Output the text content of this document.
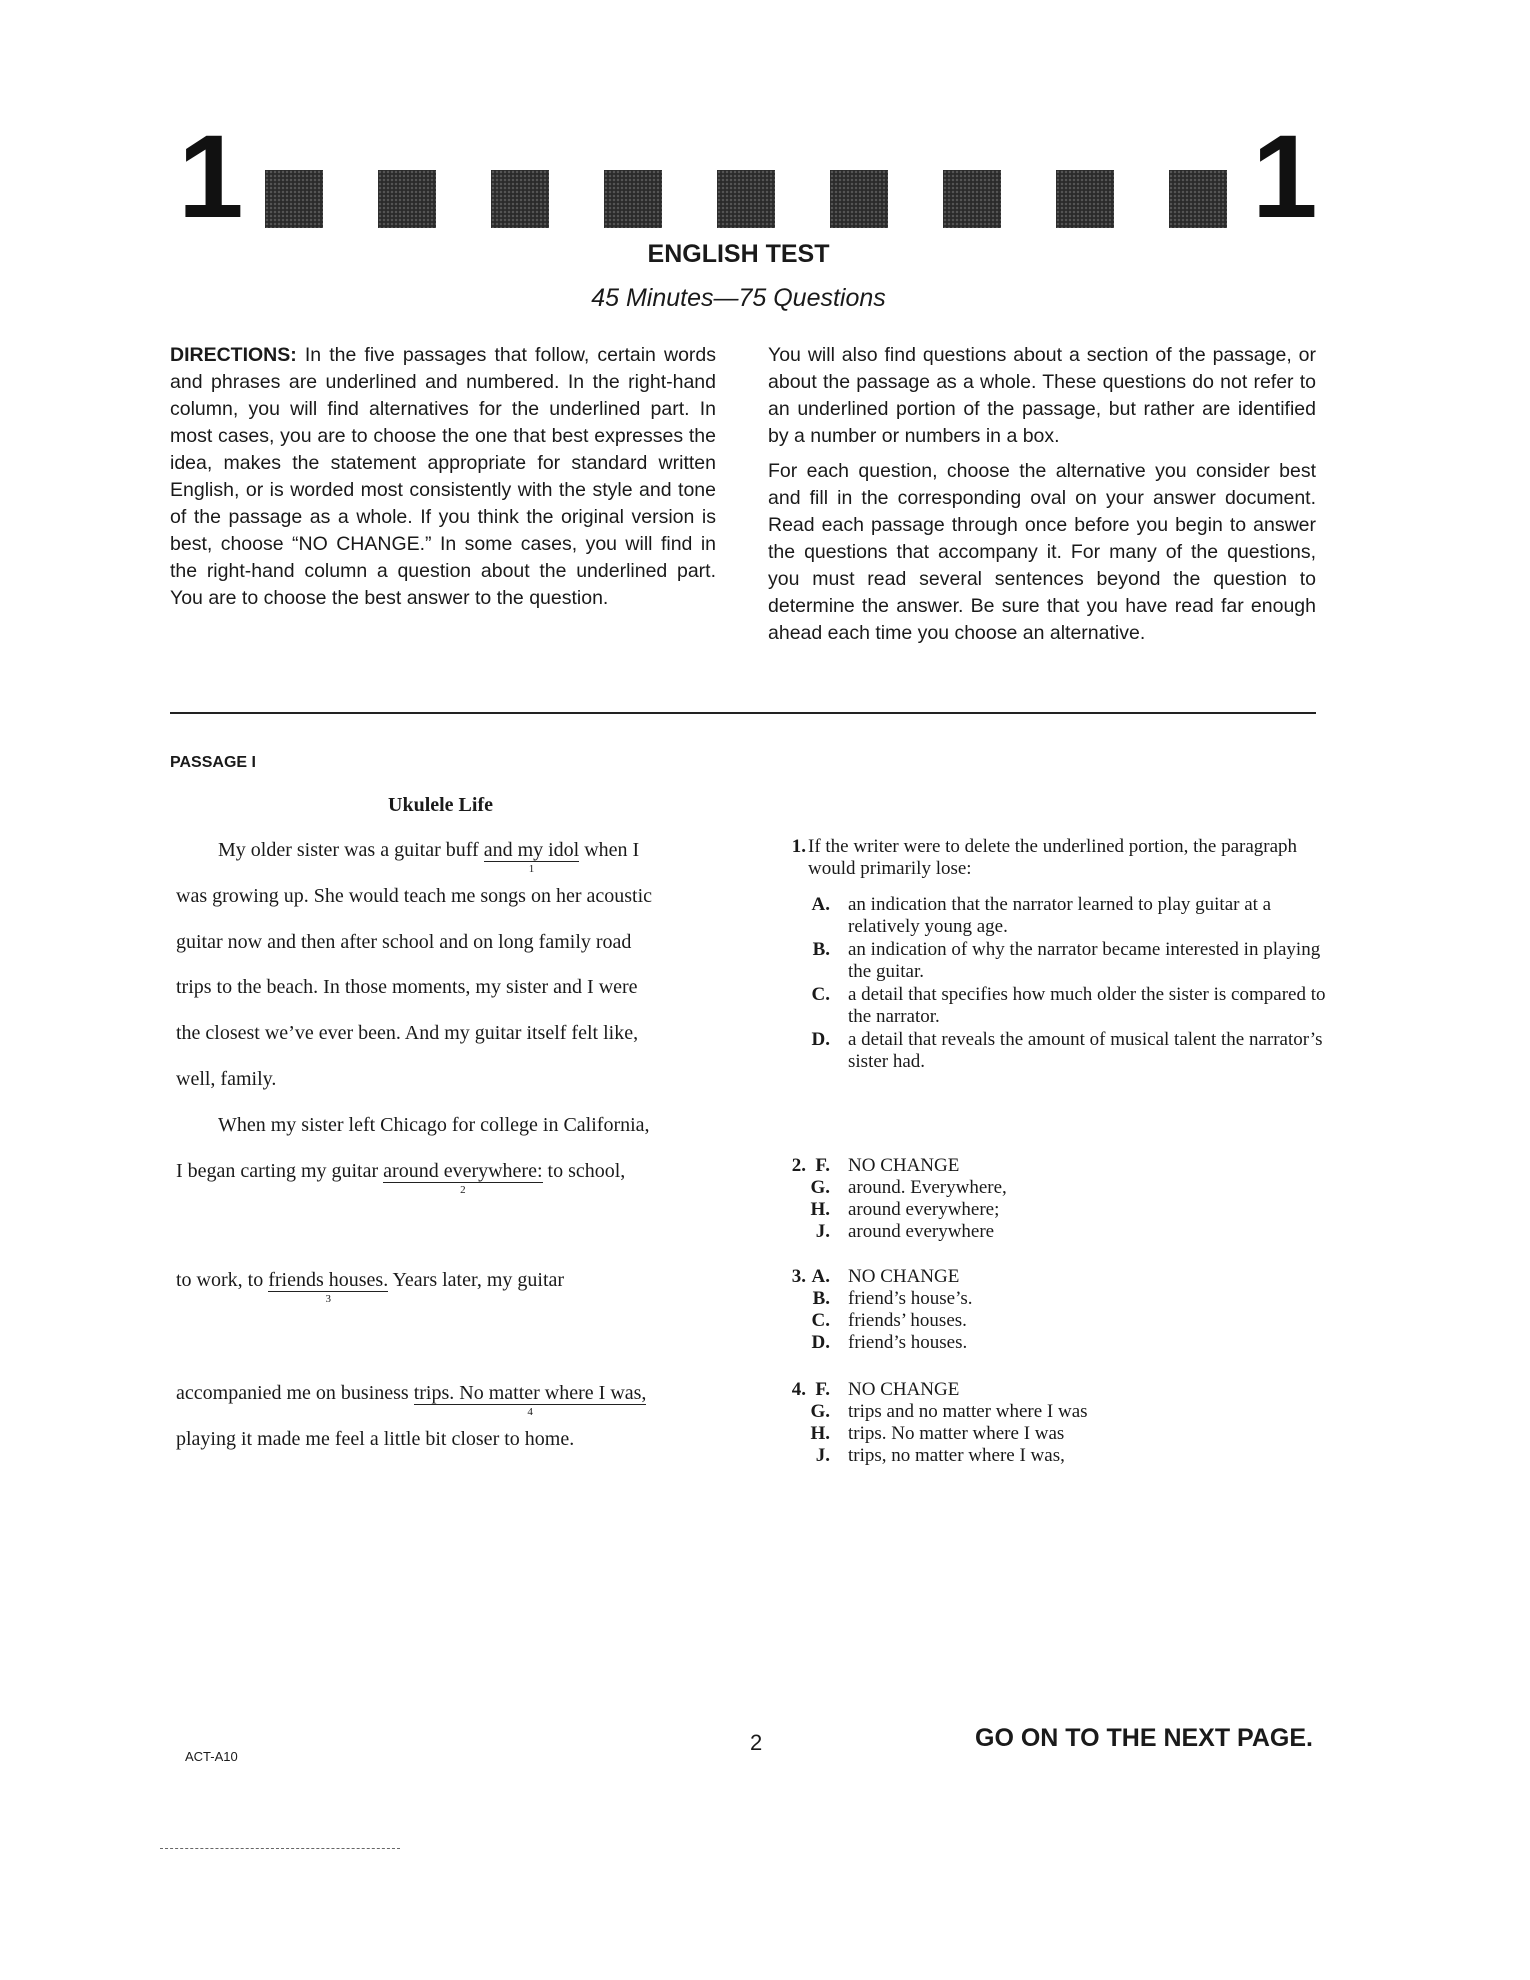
1	1
ENGLISH TEST
45 Minutes—75 Questions

DIRECTIONS: In the five passages that follow, certain words and phrases are underlined and numbered. In the right-hand column, you will find alternatives for the underlined part. In most cases, you are to choose the one that best expresses the idea, makes the statement appropriate for standard written English, or is worded most consistently with the style and tone of the passage as a whole. If you think the original version is best, choose “NO CHANGE.” In some cases, you will find in the right-hand column a question about the underlined part. You are to choose the best answer to the question.

You will also find questions about a section of the passage, or about the passage as a whole. These questions do not refer to an underlined portion of the passage, but rather are identified by a number or numbers in a box.

For each question, choose the alternative you consider best and fill in the corresponding oval on your answer document. Read each passage through once before you begin to answer the questions that accompany it. For many of the questions, you must read several sentences beyond the question to determine the answer. Be sure that you have read far enough ahead each time you choose an alternative.

PASSAGE I
Ukulele Life
My older sister was a guitar buff and my idol
1
when I
was growing up. She would teach me songs on her acoustic
guitar now and then after school and on long family road
trips to the beach. In those moments, my sister and I were
the closest we’ve ever been. And my guitar itself felt like,
well, family.
When my sister left Chicago for college in California,
I began carting my guitar around everywhere:
2
to school,
to work, to friends houses.
3
Years later, my guitar
accompanied me on business trips. No matter where I was,
4
playing it made me feel a little bit closer to home.
1. If the writer were to delete the underlined portion, the paragraph would primarily lose:
A. an indication that the narrator learned to play guitar at a relatively young age.
B. an indication of why the narrator became interested in playing the guitar.
C. a detail that specifies how much older the sister is compared to the narrator.
D. a detail that reveals the amount of musical talent the narrator’s sister had.
2. F. NO CHANGE
G. around. Everywhere,
H. around everywhere;
J. around everywhere
3. A. NO CHANGE
B. friend’s house’s.
C. friends’ houses.
D. friend’s houses.
4. F. NO CHANGE
G. trips and no matter where I was
H. trips. No matter where I was
J. trips, no matter where I was,
ACT-A10
2	GO ON TO THE NEXT PAGE.
